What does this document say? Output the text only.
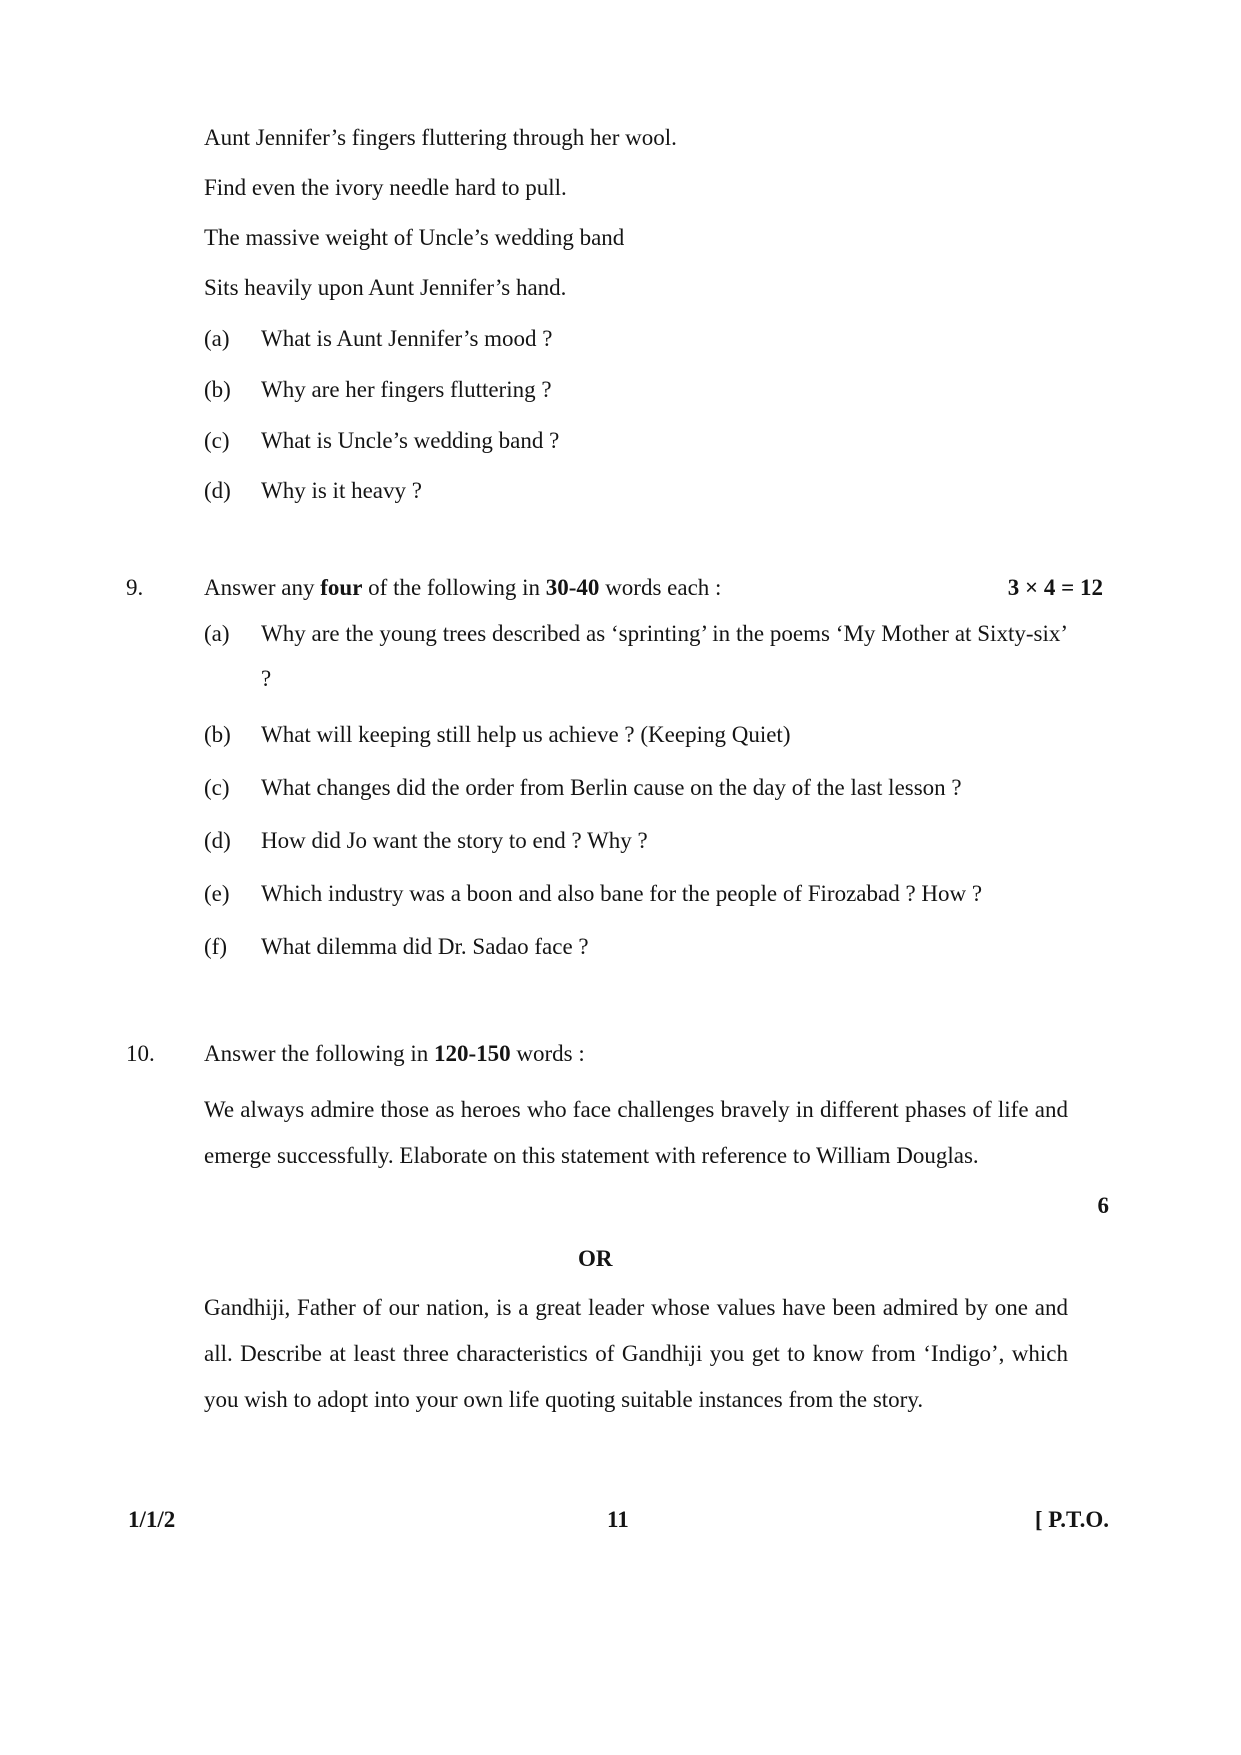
Aunt Jennifer’s fingers fluttering through her wool.
Find even the ivory needle hard to pull.
The massive weight of Uncle’s wedding band
Sits heavily upon Aunt Jennifer’s hand.
(a) What is Aunt Jennifer’s mood ?
(b) Why are her fingers fluttering ?
(c) What is Uncle’s wedding band ?
(d) Why is it heavy ?
9.	Answer any four of the following in 30-40 words each :	3 × 4 = 12
(a) Why are the young trees described as ‘sprinting’ in the poems ‘My Mother at Sixty-six’ ?
(b) What will keeping still help us achieve ? (Keeping Quiet)
(c) What changes did the order from Berlin cause on the day of the last lesson ?
(d) How did Jo want the story to end ? Why ?
(e) Which industry was a boon and also bane for the people of Firozabad ? How ?
(f) What dilemma did Dr. Sadao face ?
10. Answer the following in 120-150 words :
We always admire those as heroes who face challenges bravely in different phases of life and emerge successfully. Elaborate on this statement with reference to William Douglas.
6
OR
Gandhiji, Father of our nation, is a great leader whose values have been admired by one and all. Describe at least three characteristics of Gandhiji you get to know from ‘Indigo’, which you wish to adopt into your own life quoting suitable instances from the story.
1/1/2	11	[ P.T.O.
